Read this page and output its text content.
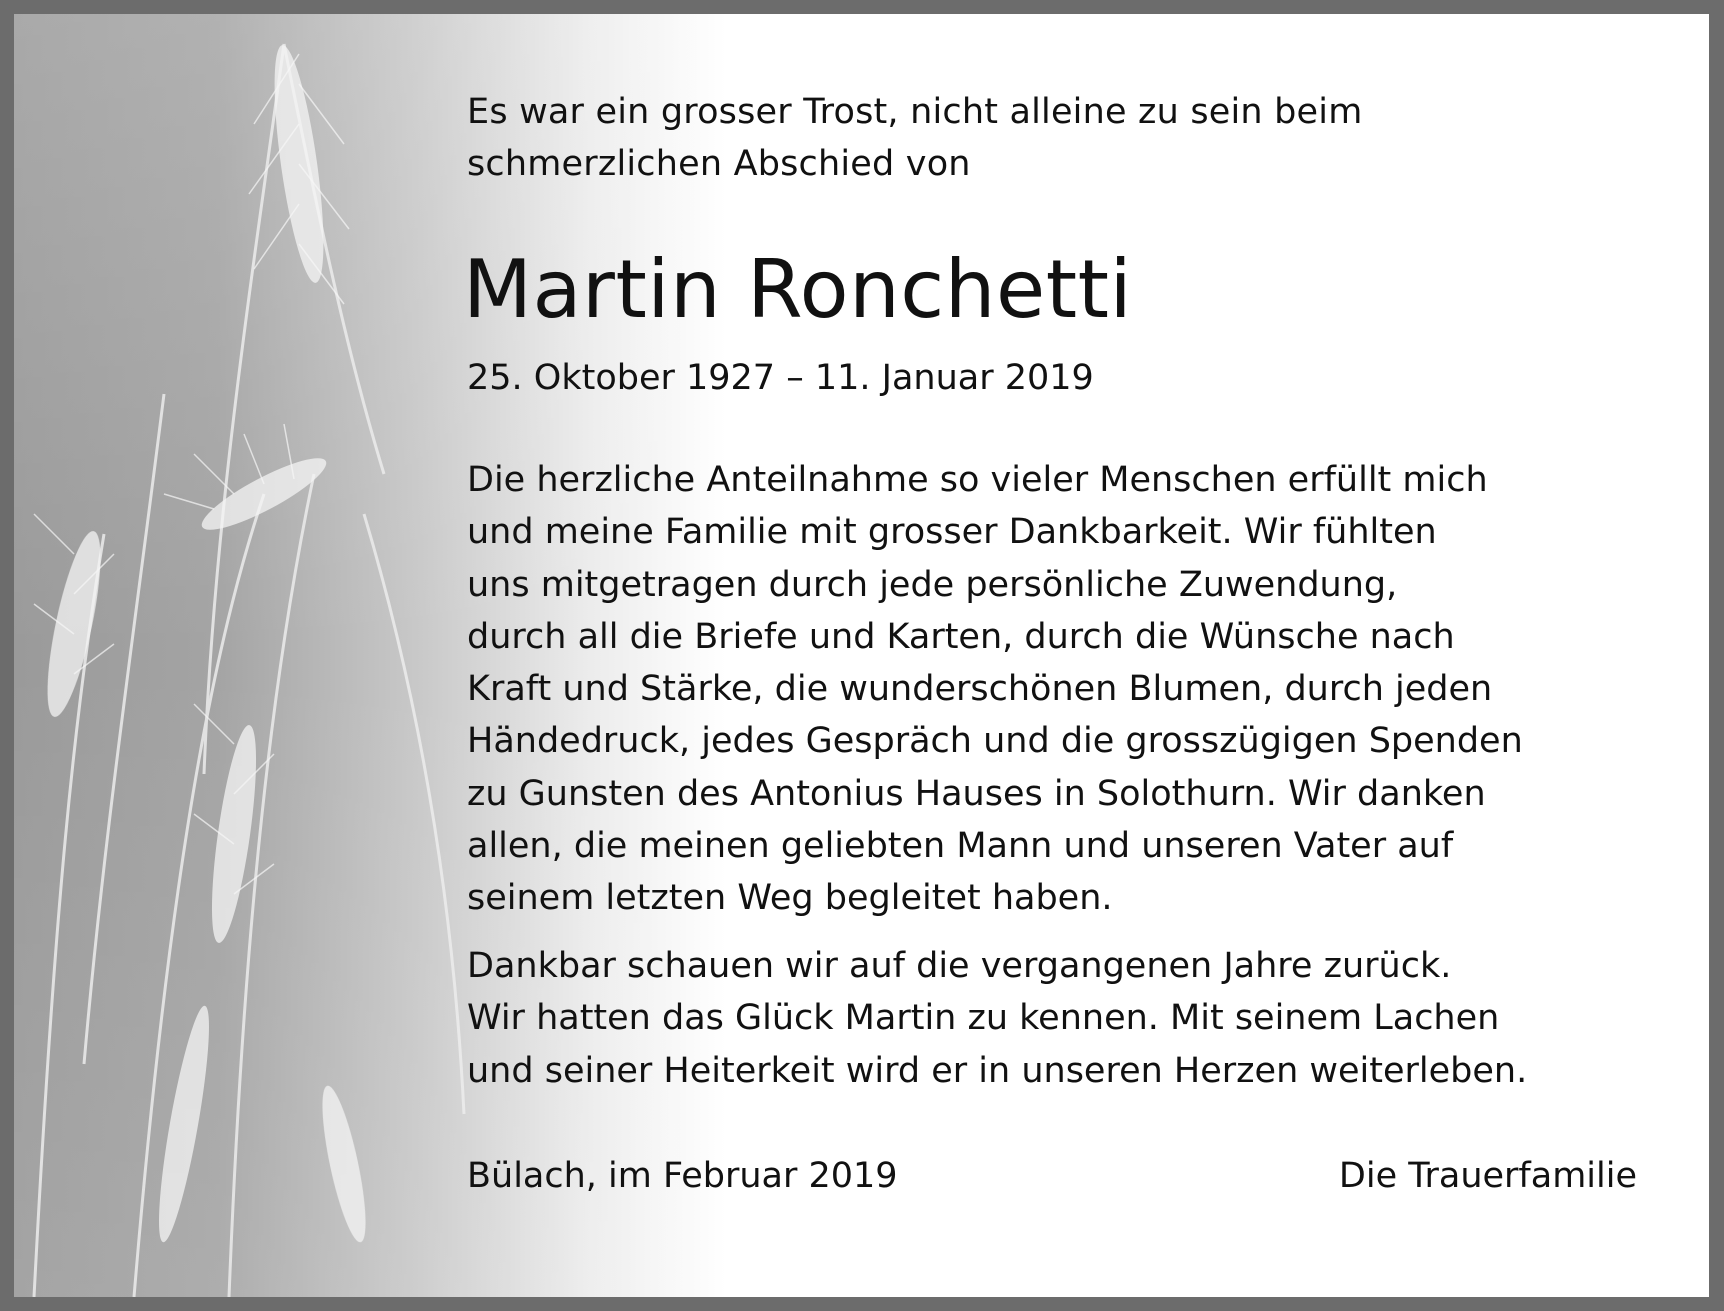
Es war ein grosser Trost, nicht alleine zu sein beim
schmerzlichen Abschied von
Martin Ronchetti
25. Oktober 1927 – 11. Januar 2019
Die herzliche Anteilnahme so vieler Menschen erfüllt mich
und meine Familie mit grosser Dankbarkeit. Wir fühlten
uns mitgetragen durch jede persönliche Zuwendung,
durch all die Briefe und Karten, durch die Wünsche nach
Kraft und Stärke, die wunderschönen Blumen, durch jeden
Händedruck, jedes Gespräch und die grosszügigen Spenden
zu Gunsten des Antonius Hauses in Solothurn. Wir danken
allen, die meinen geliebten Mann und unseren Vater auf
seinem letzten Weg begleitet haben.
Dankbar schauen wir auf die vergangenen Jahre zurück.
Wir hatten das Glück Martin zu kennen. Mit seinem Lachen
und seiner Heiterkeit wird er in unseren Herzen weiterleben.
Bülach, im Februar 2019	Die Trauerfamilie
